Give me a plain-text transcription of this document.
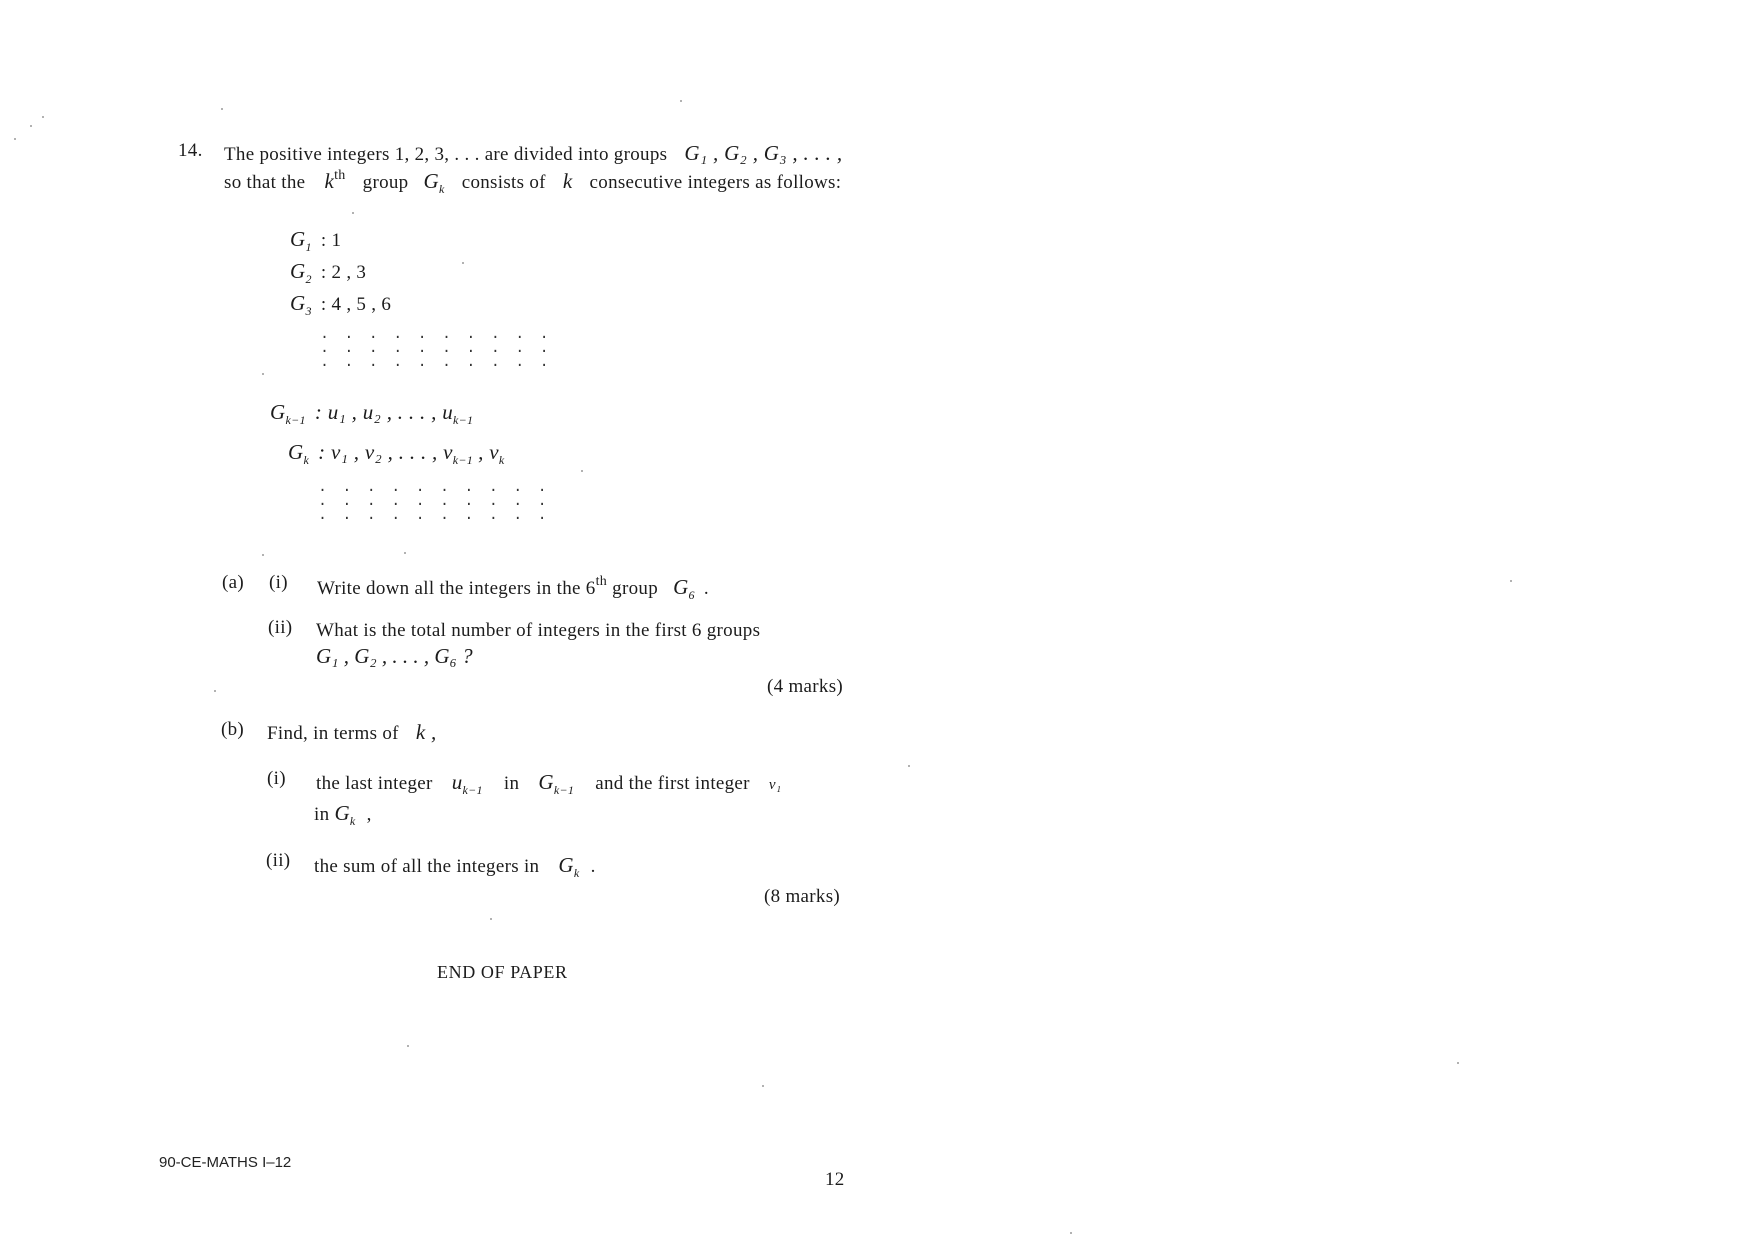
14. The positive integers 1, 2, 3, . . . are divided into groups G₁ , G₂ , G₃ , . . . ,
so that the $k^{th}$ group $G_k$ consists of k consecutive integers as follows:
$G_1$ : 1
$G_2$ : 2 , 3
$G_3$ : 4 , 5 , 6
. . . . . . . . . .
. . . . . . . . . .
. . . . . . . . . .
$G_{k-1}$ : u₁ , u₂ , . . . , $u_{k-1}$
$G_k$ : v₁ , v₂ , . . . , $v_{k-1}$ , $v_k$
. . . . . . . . . .
. . . . . . . . . .
. . . . . . . . . .
(a) (i) Write down all the integers in the 6th group $G_6$ .
(ii) What is the total number of integers in the first 6 groups
G₁ , G₂ , . . . , G₆ ?
(4 marks)
(b) Find, in terms of k ,
(i) the last integer $u_{k-1}$ in $G_{k-1}$ and the first integer v₁
in $G_k$ ,
(ii) the sum of all the integers in $G_k$ .
(8 marks)
END OF PAPER
90-CE-MATHS I–12
12
